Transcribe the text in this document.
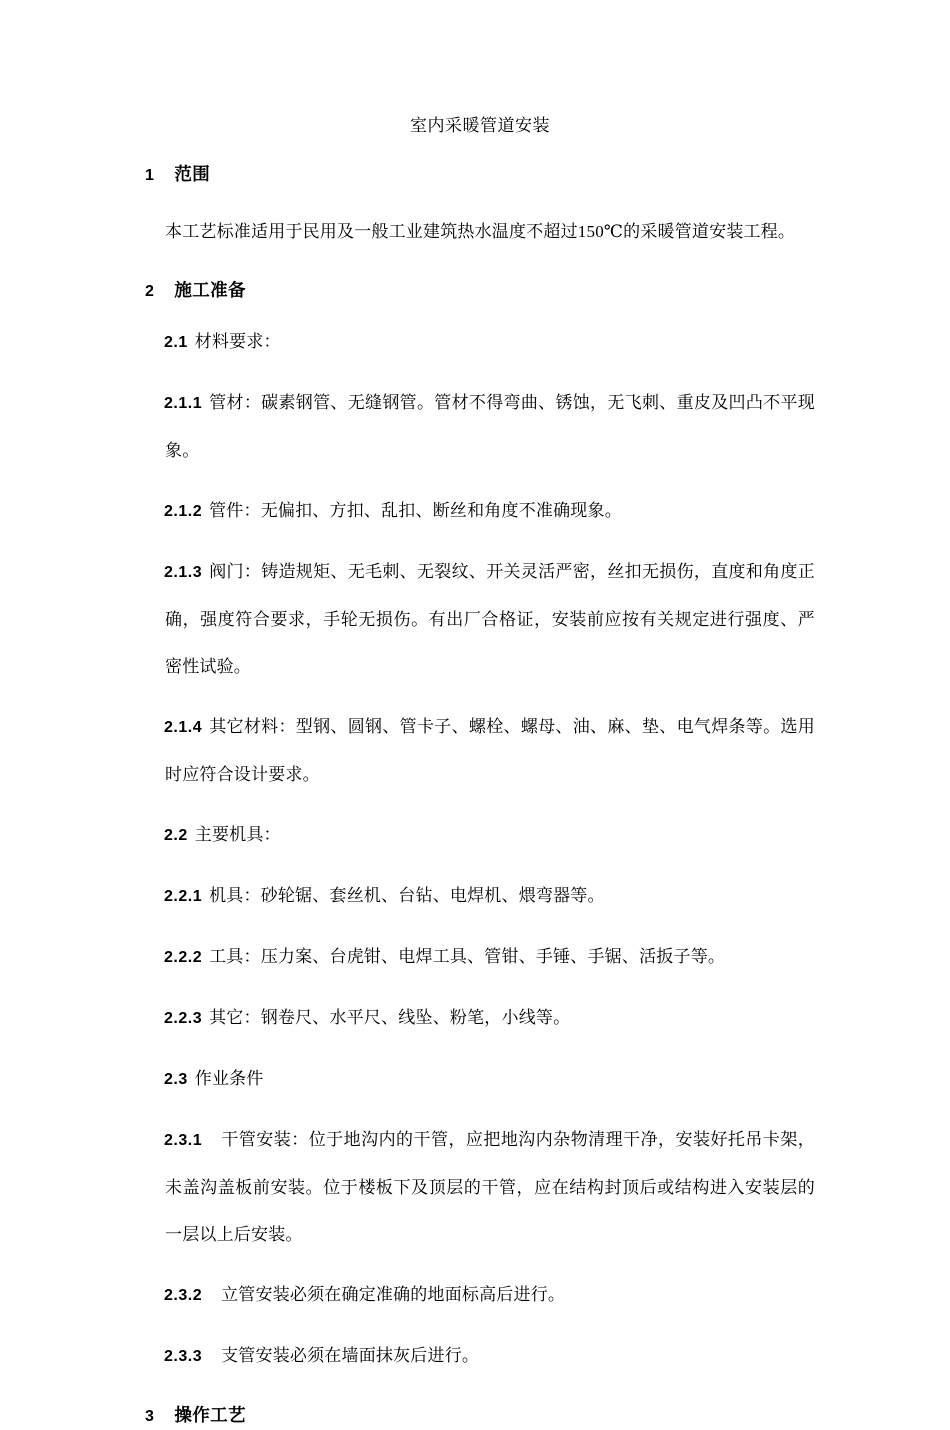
室内采暖管道安装
1 范围
本工艺标准适用于民用及一般工业建筑热水温度不超过150℃的采暖管道安装工程。
2 施工准备
2.1 材料要求：
2.1.1 管材：碳素钢管、无缝钢管。管材不得弯曲、锈蚀，无飞刺、重皮及凹凸不平现象。
2.1.2 管件：无偏扣、方扣、乱扣、断丝和角度不准确现象。
2.1.3 阀门：铸造规矩、无毛刺、无裂纹、开关灵活严密，丝扣无损伤，直度和角度正确，强度符合要求，手轮无损伤。有出厂合格证，安装前应按有关规定进行强度、严密性试验。
2.1.4 其它材料：型钢、圆钢、管卡子、螺栓、螺母、油、麻、垫、电气焊条等。选用时应符合设计要求。
2.2 主要机具：
2.2.1 机具：砂轮锯、套丝机、台钻、电焊机、煨弯器等。
2.2.2 工具：压力案、台虎钳、电焊工具、管钳、手锤、手锯、活扳子等。
2.2.3 其它：钢卷尺、水平尺、线坠、粉笔，小线等。
2.3 作业条件
2.3.1 干管安装：位于地沟内的干管，应把地沟内杂物清理干净，安装好托吊卡架，未盖沟盖板前安装。位于楼板下及顶层的干管，应在结构封顶后或结构进入安装层的一层以上后安装。
2.3.2 立管安装必须在确定准确的地面标高后进行。
2.3.3 支管安装必须在墙面抹灰后进行。
3 操作工艺
